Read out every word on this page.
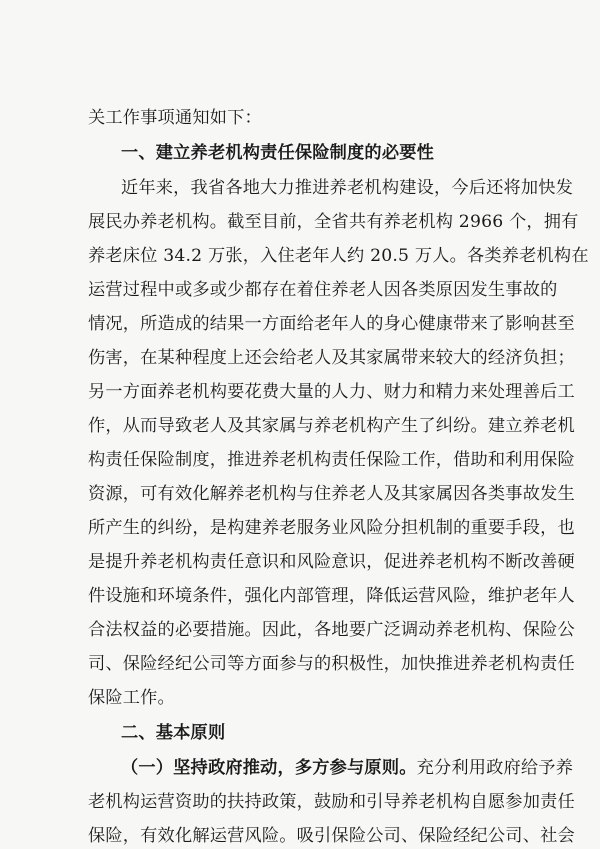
关工作事项通知如下：
一、建立养老机构责任保险制度的必要性
近年来，我省各地大力推进养老机构建设，今后还将加快发
展民办养老机构。截至目前，全省共有养老机构 2966 个，拥有
养老床位 34.2 万张，入住老年人约 20.5 万人。各类养老机构在
运营过程中或多或少都存在着住养老人因各类原因发生事故的
情况，所造成的结果一方面给老年人的身心健康带来了影响甚至
伤害，在某种程度上还会给老人及其家属带来较大的经济负担；
另一方面养老机构要花费大量的人力、财力和精力来处理善后工
作，从而导致老人及其家属与养老机构产生了纠纷。建立养老机
构责任保险制度，推进养老机构责任保险工作，借助和利用保险
资源，可有效化解养老机构与住养老人及其家属因各类事故发生
所产生的纠纷，是构建养老服务业风险分担机制的重要手段，也
是提升养老机构责任意识和风险意识，促进养老机构不断改善硬
件设施和环境条件，强化内部管理，降低运营风险，维护老年人
合法权益的必要措施。因此，各地要广泛调动养老机构、保险公
司、保险经纪公司等方面参与的积极性，加快推进养老机构责任
保险工作。
二、基本原则
（一）坚持政府推动，多方参与原则。充分利用政府给予养
老机构运营资助的扶持政策，鼓励和引导养老机构自愿参加责任
保险，有效化解运营风险。吸引保险公司、保险经纪公司、社会
